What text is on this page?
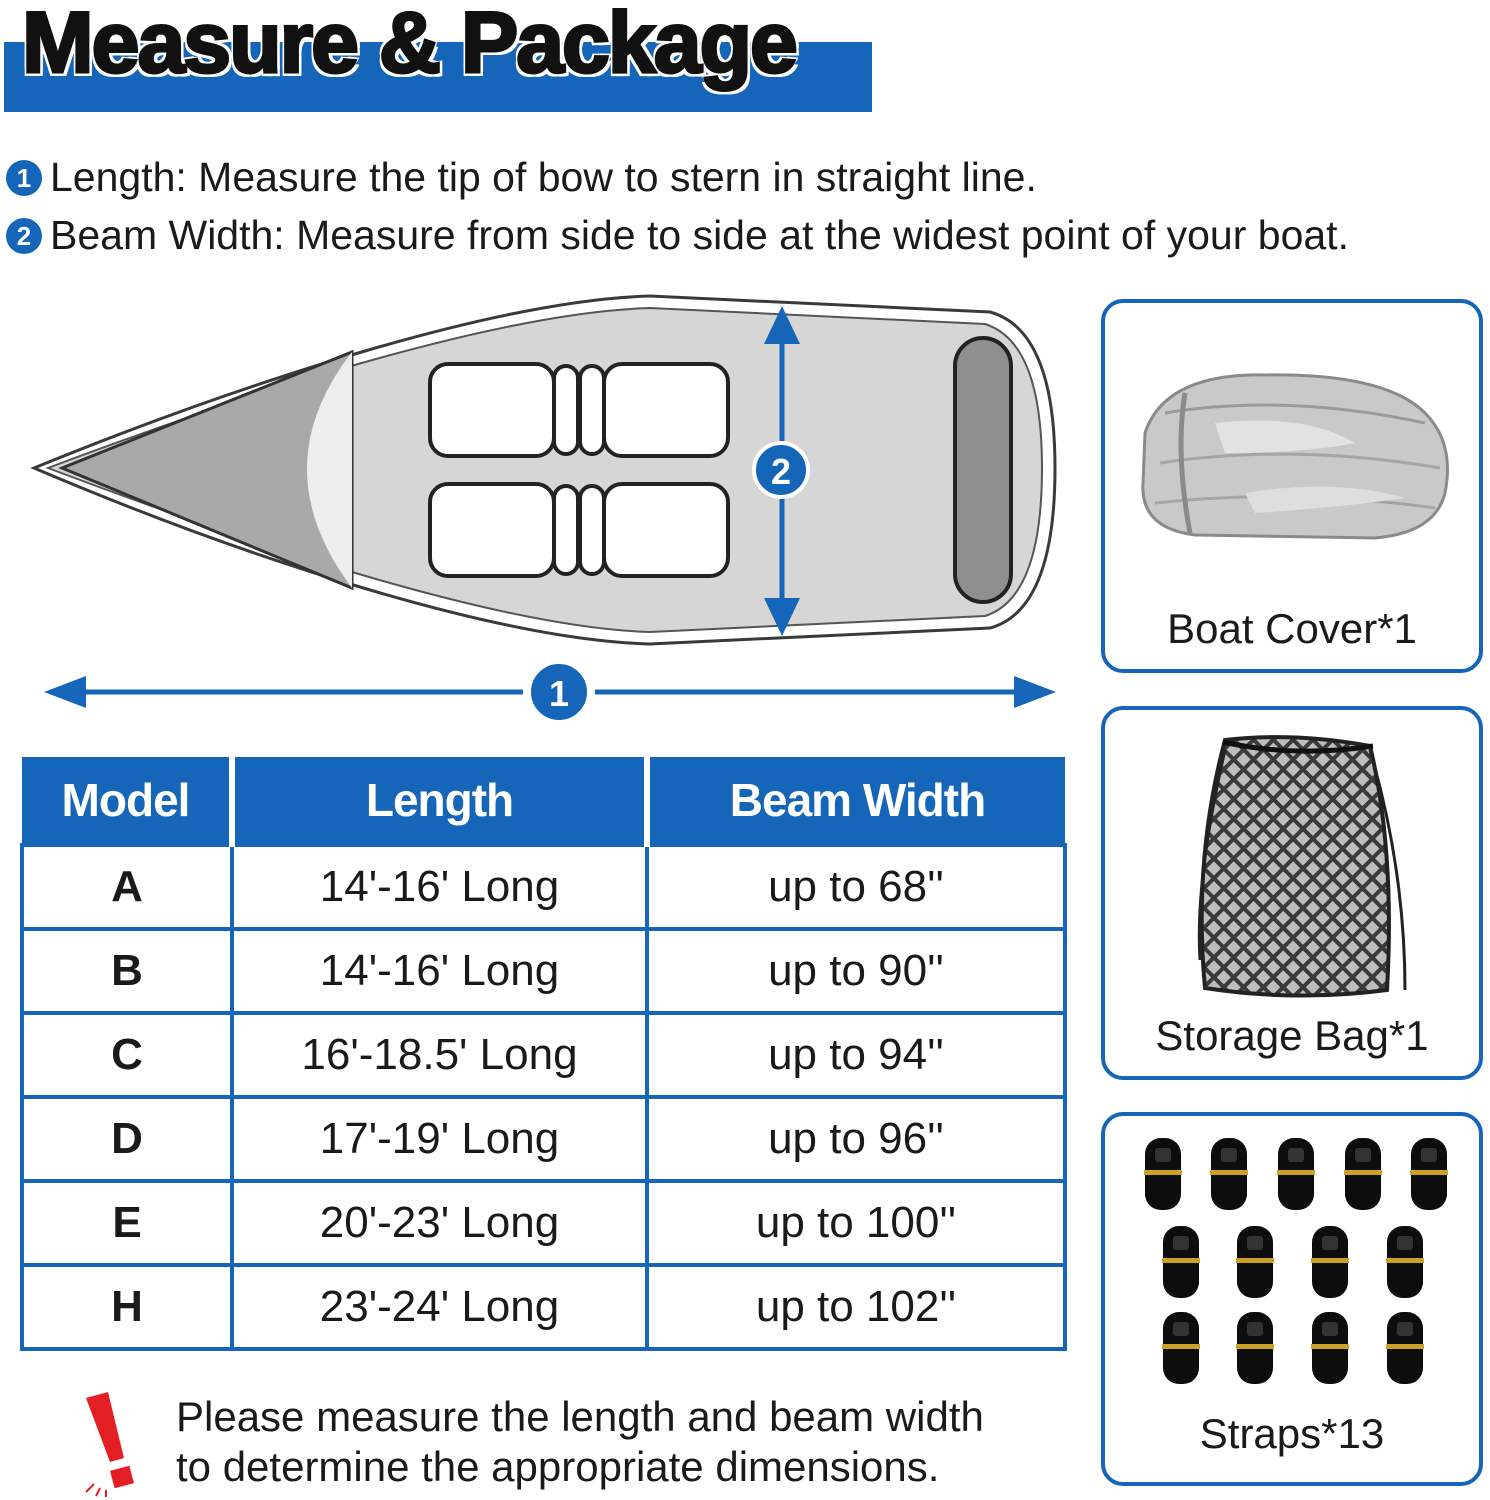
Measure & Package
1 Length: Measure the tip of bow to stern in straight line.
2 Beam Width: Measure from side to side at the widest point of your boat.
2
1
Model	Length	Beam Width
A	14'-16' Long	up to 68''
B	14'-16' Long	up to 90''
C	16'-18.5' Long	up to 94''
D	17'-19' Long	up to 96''
E	20'-23' Long	up to 100''
H	23'-24' Long	up to 102''
Boat Cover*1
Storage Bag*1
Straps*13
Please measure the length and beam width
to determine the appropriate dimensions.
